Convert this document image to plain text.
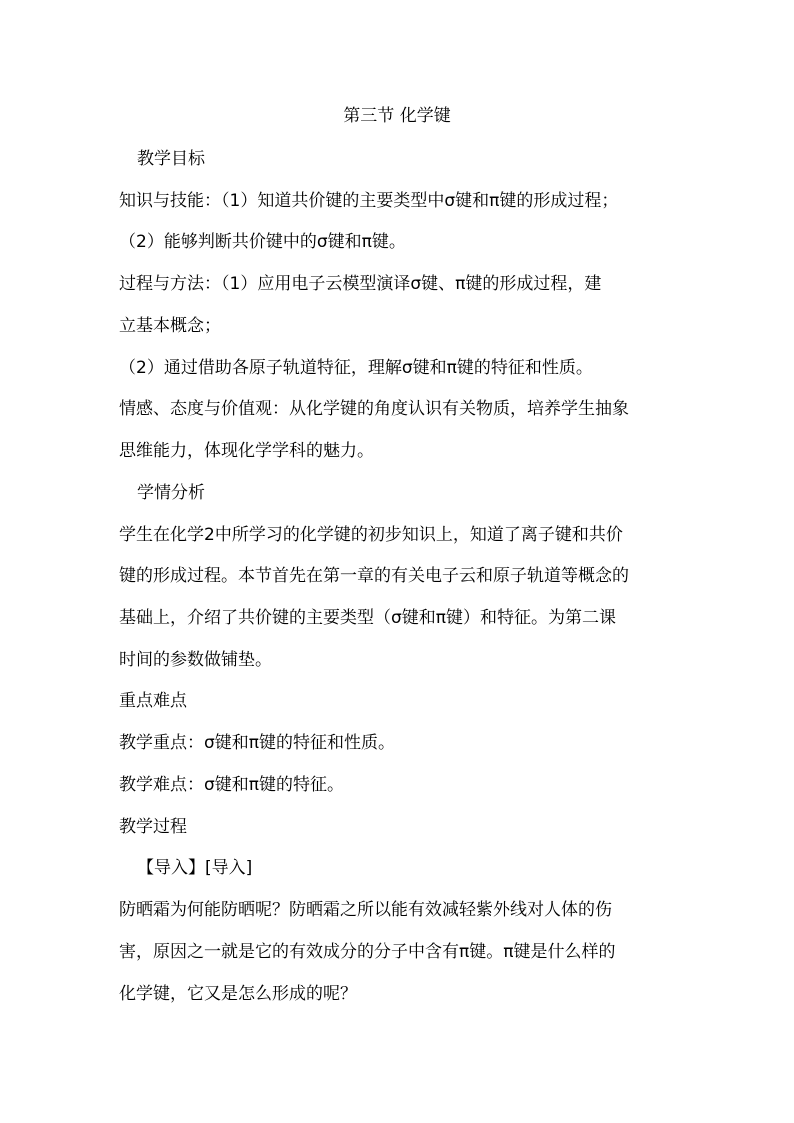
第三节 化学键
教学目标
知识与技能：（1）知道共价键的主要类型中σ键和π键的形成过程；
（2）能够判断共价键中的σ键和π键。
过程与方法：（1）应用电子云模型演译σ键、π键的形成过程，建
立基本概念；
（2）通过借助各原子轨道特征，理解σ键和π键的特征和性质。
情感、态度与价值观：从化学键的角度认识有关物质，培养学生抽象
思维能力，体现化学学科的魅力。
学情分析
学生在化学2中所学习的化学键的初步知识上，知道了离子键和共价
键的形成过程。本节首先在第一章的有关电子云和原子轨道等概念的
基础上，介绍了共价键的主要类型（σ键和π键）和特征。为第二课
时间的参数做铺垫。
重点难点
教学重点：σ键和π键的特征和性质。
教学难点：σ键和π键的特征。
教学过程
【导入】[导入]
防晒霜为何能防晒呢？防晒霜之所以能有效减轻紫外线对人体的伤
害，原因之一就是它的有效成分的分子中含有π键。π键是什么样的
化学键，它又是怎么形成的呢？
